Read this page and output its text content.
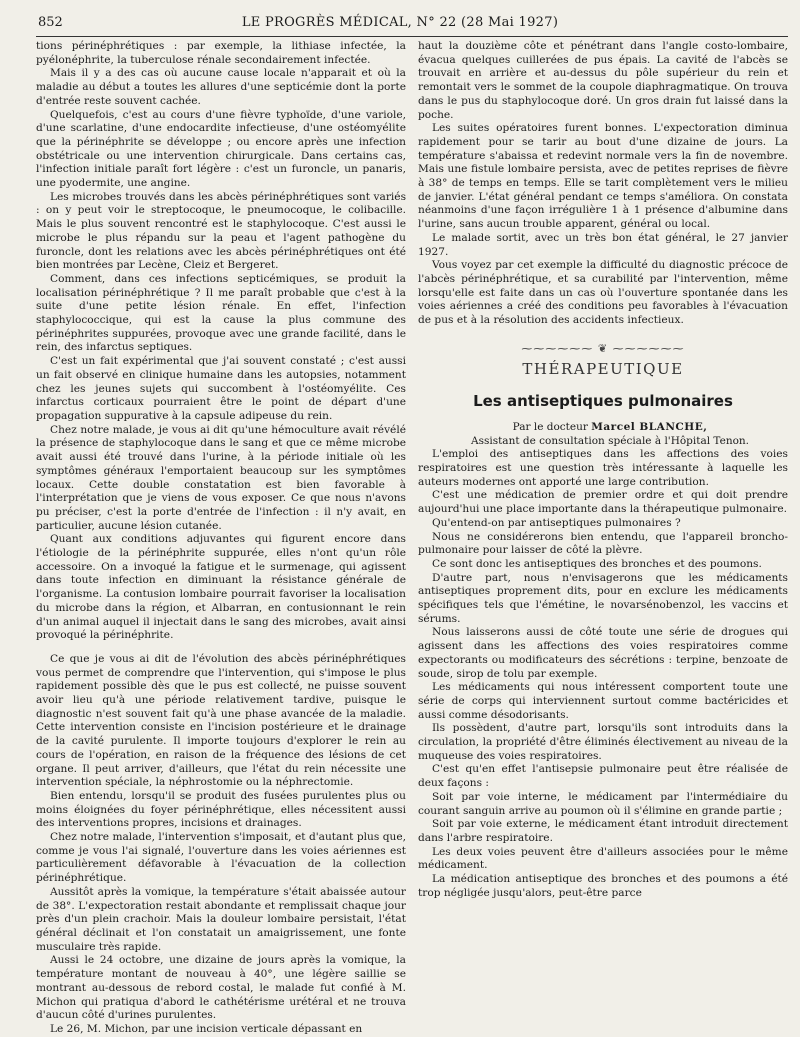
852	LE PROGRÈS MÉDICAL, N° 22 (28 Mai 1927)

tions périnéphrétiques : par exemple, la lithiase infectée, la pyélonéphrite, la tuberculose rénale secondairement infectée.

Mais il y a des cas où aucune cause locale n'apparait et où la maladie au début a toutes les allures d'une septicémie dont la porte d'entrée reste souvent cachée.

Quelquefois, c'est au cours d'une fièvre typhoïde, d'une variole, d'une scarlatine, d'une endocardite infectieuse, d'une ostéomyélite que la périnéphrite se développe ; ou encore après une infection obstétricale ou une intervention chirurgicale. Dans certains cas, l'infection initiale paraît fort légère : c'est un furoncle, un panaris, une pyodermite, une angine.

Les microbes trouvés dans les abcès périnéphrétiques sont variés : on y peut voir le streptocoque, le pneumocoque, le colibacille. Mais le plus souvent rencontré est le staphylocoque. C'est aussi le microbe le plus répandu sur la peau et l'agent pathogène du furoncle, dont les relations avec les abcès périnéphrétiques ont été bien montrées par Lecène, Cleiz et Bergeret.

Comment, dans ces infections septicémiques, se produit la localisation périnéphrétique ? Il me paraît probable que c'est à la suite d'une petite lésion rénale. En effet, l'infection staphylococcique, qui est la cause la plus commune des périnéphrites suppurées, provoque avec une grande facilité, dans le rein, des infarctus septiques.

C'est un fait expérimental que j'ai souvent constaté ; c'est aussi un fait observé en clinique humaine dans les autopsies, notamment chez les jeunes sujets qui succombent à l'ostéomyélite. Ces infarctus corticaux pourraient être le point de départ d'une propagation suppurative à la capsule adipeuse du rein.

Chez notre malade, je vous ai dit qu'une hémoculture avait révélé la présence de staphylocoque dans le sang et que ce même microbe avait aussi été trouvé dans l'urine, à la période initiale où les symptômes généraux l'emportaient beaucoup sur les symptômes locaux. Cette double constatation est bien favorable à l'interprétation que je viens de vous exposer. Ce que nous n'avons pu préciser, c'est la porte d'entrée de l'infection : il n'y avait, en particulier, aucune lésion cutanée.

Quant aux conditions adjuvantes qui figurent encore dans l'étiologie de la périnéphrite suppurée, elles n'ont qu'un rôle accessoire. On a invoqué la fatigue et le surmenage, qui agissent dans toute infection en diminuant la résistance générale de l'organisme. La contusion lombaire pourrait favoriser la localisation du microbe dans la région, et Albarran, en contusionnant le rein d'un animal auquel il injectait dans le sang des microbes, avait ainsi provoqué la périnéphrite.

Ce que je vous ai dit de l'évolution des abcès périnéphrétiques vous permet de comprendre que l'intervention, qui s'impose le plus rapidement possible dès que le pus est collecté, ne puisse souvent avoir lieu qu'à une période relativement tardive, puisque le diagnostic n'est souvent fait qu'à une phase avancée de la maladie. Cette intervention consiste en l'incision postérieure et le drainage de la cavité purulente. Il importe toujours d'explorer le rein au cours de l'opération, en raison de la fréquence des lésions de cet organe. Il peut arriver, d'ailleurs, que l'état du rein nécessite une intervention spéciale, la néphrostomie ou la néphrectomie.

Bien entendu, lorsqu'il se produit des fusées purulentes plus ou moins éloignées du foyer périnéphrétique, elles nécessitent aussi des interventions propres, incisions et drainages.

Chez notre malade, l'intervention s'imposait, et d'autant plus que, comme je vous l'ai signalé, l'ouverture dans les voies aériennes est particulièrement défavorable à l'évacuation de la collection périnéphrétique.

Aussitôt après la vomique, la température s'était abaissée autour de 38°. L'expectoration restait abondante et remplissait chaque jour près d'un plein crachoir. Mais la douleur lombaire persistait, l'état général déclinait et l'on constatait un amaigrissement, une fonte musculaire très rapide.

Aussi le 24 octobre, une dizaine de jours après la vomique, la température montant de nouveau à 40°, une légère saillie se montrant au-dessous de rebord costal, le malade fut confié à M. Michon qui pratiqua d'abord le cathétérisme urétéral et ne trouva d'aucun côté d'urines purulentes.

Le 26, M. Michon, par une incision verticale dépassant en

haut la douzième côte et pénétrant dans l'angle costo-lombaire, évacua quelques cuillerées de pus épais. La cavité de l'abcès se trouvait en arrière et au-dessus du pôle supérieur du rein et remontait vers le sommet de la coupole diaphragmatique. On trouva dans le pus du staphylocoque doré. Un gros drain fut laissé dans la poche.

Les suites opératoires furent bonnes. L'expectoration diminua rapidement pour se tarir au bout d'une dizaine de jours. La température s'abaissa et redevint normale vers la fin de novembre. Mais une fistule lombaire persista, avec de petites reprises de fièvre à 38° de temps en temps. Elle se tarit complètement vers le milieu de janvier. L'état général pendant ce temps s'améliora. On constata néanmoins d'une façon irrégulière 1 à 1 présence d'albumine dans l'urine, sans aucun trouble apparent, général ou local.

Le malade sortit, avec un très bon état général, le 27 janvier 1927.

Vous voyez par cet exemple la difficulté du diagnostic précoce de l'abcès périnéphrétique, et sa curabilité par l'intervention, même lorsqu'elle est faite dans un cas où l'ouverture spontanée dans les voies aériennes a créé des conditions peu favorables à l'évacuation de pus et à la résolution des accidents infectieux.

⁓⁓⁓⁓⁓⁓ ❦ ⁓⁓⁓⁓⁓⁓
THÉRAPEUTIQUE
Les antiseptiques pulmonaires

Par le docteur Marcel BLANCHE,

Assistant de consultation spéciale à l'Hôpital Tenon.

L'emploi des antiseptiques dans les affections des voies respiratoires est une question très intéressante à laquelle les auteurs modernes ont apporté une large contribution.

C'est une médication de premier ordre et qui doit prendre aujourd'hui une place importante dans la thérapeutique pulmonaire.

Qu'entend-on par antiseptiques pulmonaires ?

Nous ne considérerons bien entendu, que l'appareil broncho-pulmonaire pour laisser de côté la plèvre.

Ce sont donc les antiseptiques des bronches et des poumons.

D'autre part, nous n'envisagerons que les médicaments antiseptiques proprement dits, pour en exclure les médicaments spécifiques tels que l'émétine, le novarsénobenzol, les vaccins et sérums.

Nous laisserons aussi de côté toute une série de drogues qui agissent dans les affections des voies respiratoires comme expectorants ou modificateurs des sécrétions : terpine, benzoate de soude, sirop de tolu par exemple.

Les médicaments qui nous intéressent comportent toute une série de corps qui interviennent surtout comme bactéricides et aussi comme désodorisants.

Ils possèdent, d'autre part, lorsqu'ils sont introduits dans la circulation, la propriété d'être éliminés électivement au niveau de la muqueuse des voies respiratoires.

C'est qu'en effet l'antisepsie pulmonaire peut être réalisée de deux façons :

Soit par voie interne, le médicament par l'intermédiaire du courant sanguin arrive au poumon où il s'élimine en grande partie ;

Soit par voie externe, le médicament étant introduit directement dans l'arbre respiratoire.

Les deux voies peuvent être d'ailleurs associées pour le même médicament.

La médication antiseptique des bronches et des poumons a été trop négligée jusqu'alors, peut-être parce
